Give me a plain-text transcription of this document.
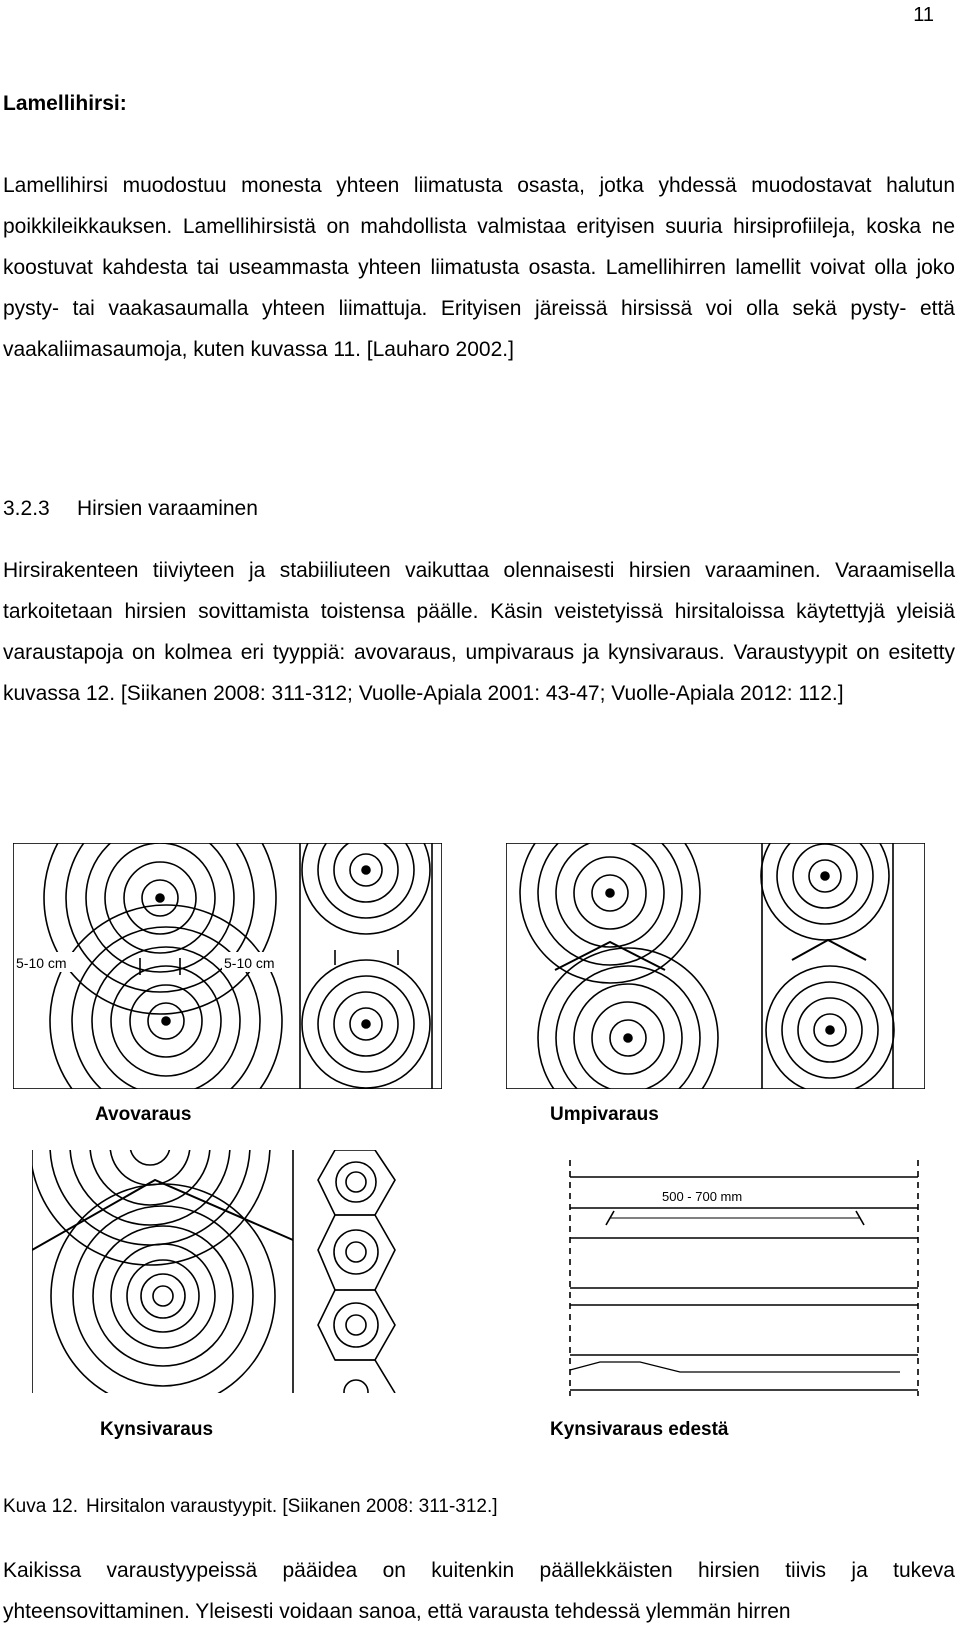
11
Lamellihirsi:

Lamellihirsi muodostuu monesta yhteen liimatusta osasta, jotka yhdessä muodostavat halutun poikkileikkauksen. Lamellihirsistä on mahdollista valmistaa erityisen suuria hirsiprofiileja, koska ne koostuvat kahdesta tai useammasta yhteen liimatusta osasta. Lamellihirren lamellit voivat olla joko pysty- tai vaakasaumalla yhteen liimattuja. Erityisen järeissä hirsissä voi olla sekä pysty- että vaakaliimasaumoja, kuten kuvassa 11. [Lauharo 2002.]

3.2.3 Hirsien varaaminen

Hirsirakenteen tiiviyteen ja stabiiliuteen vaikuttaa olennaisesti hirsien varaaminen. Varaamisella tarkoitetaan hirsien sovittamista toistensa päälle. Käsin veistetyissä hirsitaloissa käytettyjä yleisiä varaustapoja on kolmea eri tyyppiä: avovaraus, umpivaraus ja kynsivaraus. Varaustyypit on esitetty kuvassa 12. [Siikanen 2008: 311-312; Vuolle-Apiala 2001: 43-47; Vuolle-Apiala 2012: 112.]

5-10 cm	5-10 cm
Avovaraus	Umpivaraus
500 - 700 mm
Kynsivaraus	Kynsivaraus edestä
Kuva 12. Hirsitalon varaustyypit. [Siikanen 2008: 311-312.]

Kaikissa varaustyypeissä pääidea on kuitenkin päällekkäisten hirsien tiivis ja tukeva yhteensovittaminen. Yleisesti voidaan sanoa, että varausta tehdessä ylemmän hirren
